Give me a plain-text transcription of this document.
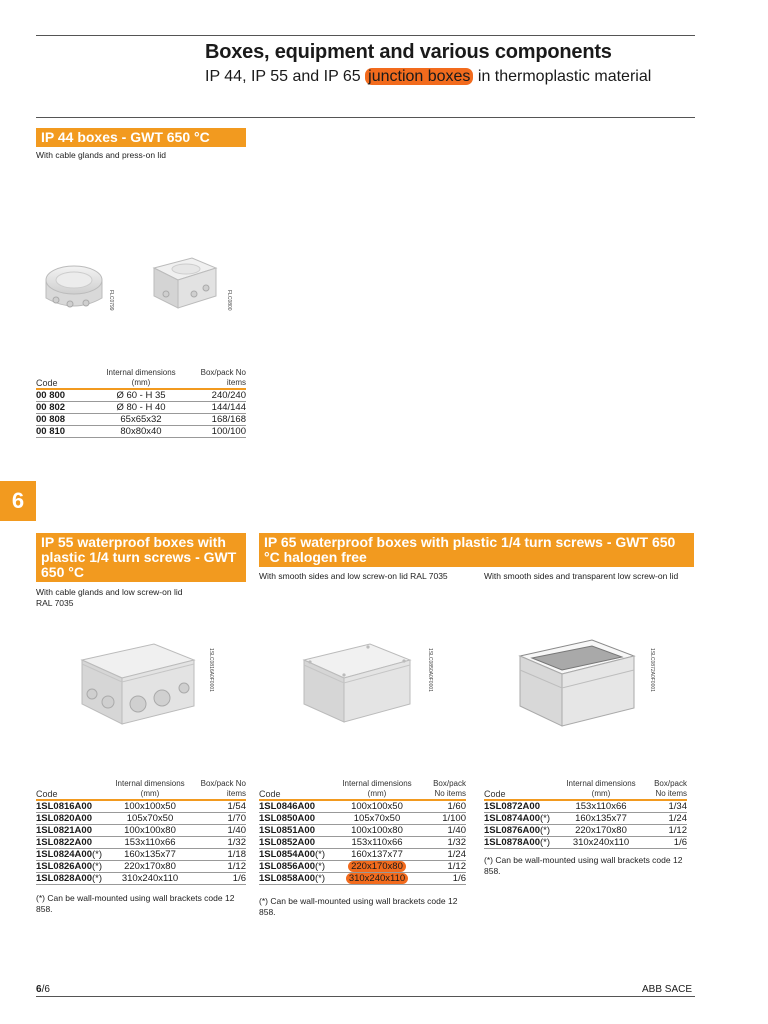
Boxes, equipment and various components
IP 44, IP 55 and IP 65 junction boxes in thermoplastic material
IP 44 boxes - GWT 650 °C
With cable glands and press-on lid
FLC0799	FLC0800
Code	Internal dimensions (mm)	Box/pack No items
00 800	Ø 60 - H 35	240/240
00 802	Ø 80 - H 40	144/144
00 808	65x65x32	168/168
00 810	80x80x40	100/100
6
IP 55 waterproof boxes with plastic 1/4 turn screws - GWT 650 °C
With cable glands and low screw-on lid RAL 7035
1SLC0816A0F0001
Code	Internal dimensions (mm)	Box/pack No items
1SL0816A00	100x100x50	1/54
1SL0820A00	105x70x50	1/70
1SL0821A00	100x100x80	1/40
1SL0822A00	153x110x66	1/32
1SL0824A00(*)	160x135x77	1/18
1SL0826A00(*)	220x170x80	1/12
1SL0828A00(*)	310x240x110	1/6
(*) Can be wall-mounted using wall brackets code 12 858.
IP 65 waterproof boxes with plastic 1/4 turn screws - GWT 650 °C halogen free
With smooth sides and low screw-on lid RAL 7035	With smooth sides and transparent low screw-on lid
1SLC0850A0F0001	1SLC0872A0F0001
Code	Internal dimensions (mm)	Box/pack No items
1SL0846A00	100x100x50	1/60
1SL0850A00	105x70x50	1/100
1SL0851A00	100x100x80	1/40
1SL0852A00	153x110x66	1/32
1SL0854A00(*)	160x137x77	1/24
1SL0856A00(*)	220x170x80	1/12
1SL0858A00(*)	310x240x110	1/6
(*) Can be wall-mounted using wall brackets code 12 858.
Code	Internal dimensions (mm)	Box/pack No items
1SL0872A00	153x110x66	1/34
1SL0874A00(*)	160x135x77	1/24
1SL0876A00(*)	220x170x80	1/12
1SL0878A00(*)	310x240x110	1/6
(*) Can be wall-mounted using wall brackets code 12 858.
6/6	ABB SACE
